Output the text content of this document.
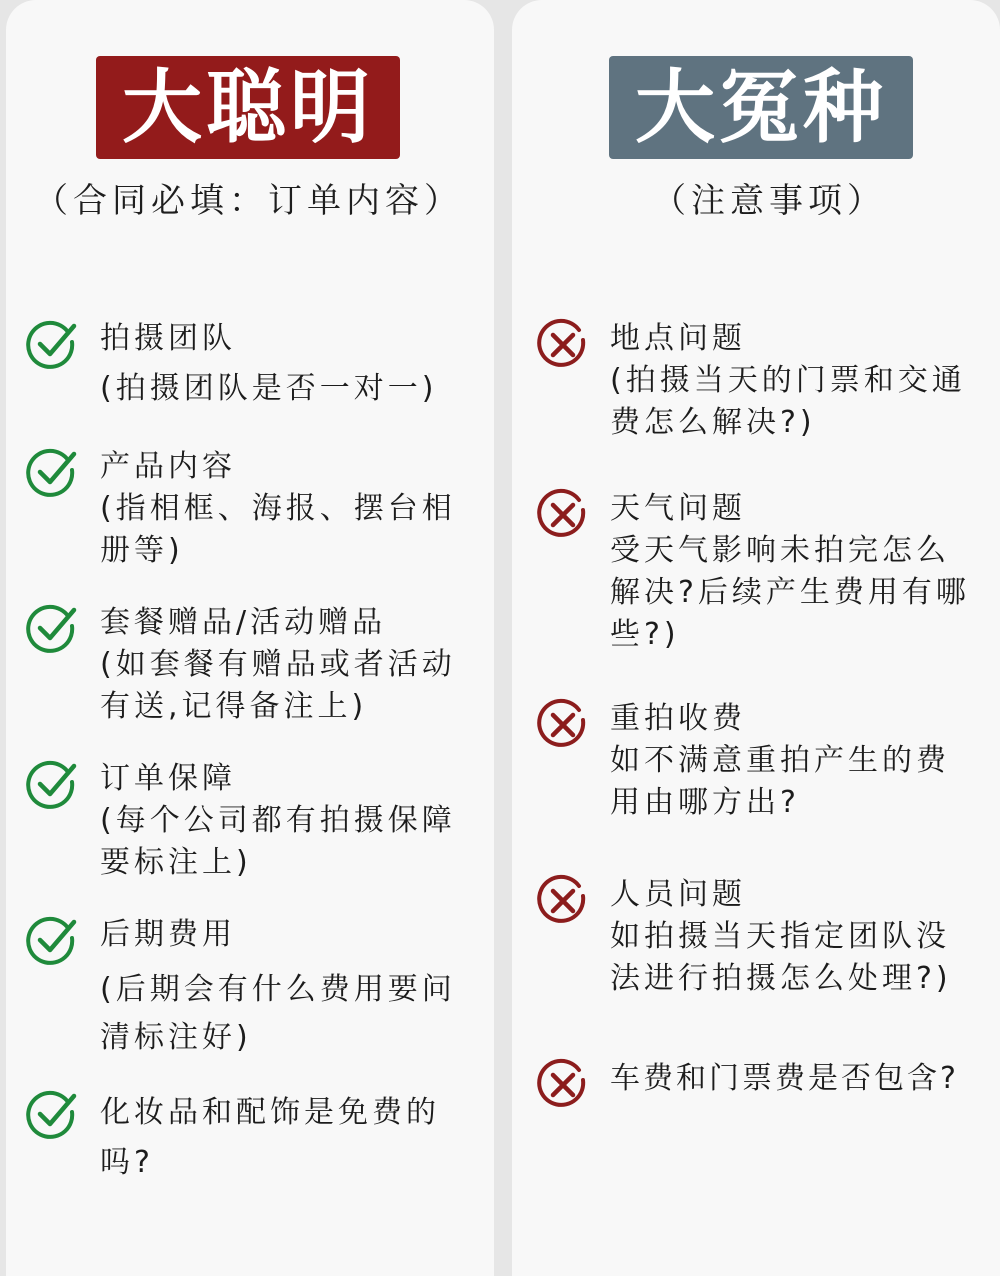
大聪明
（合同必填：订单内容）
拍摄团队
(拍摄团队是否一对一)
产品内容
(指相框、海报、摆台相册等)
套餐赠品/活动赠品
(如套餐有赠品或者活动有送,记得备注上)
订单保障
(每个公司都有拍摄保障要标注上)
后期费用
(后期会有什么费用要问清标注好)
化妆品和配饰是免费的吗?
大冤种
（注意事项）
地点问题
(拍摄当天的门票和交通费怎么解决?)
天气问题
受天气影响未拍完怎么解决?后续产生费用有哪些?)
重拍收费
如不满意重拍产生的费用由哪方出?
人员问题
如拍摄当天指定团队没法进行拍摄怎么处理?)
车费和门票费是否包含?
